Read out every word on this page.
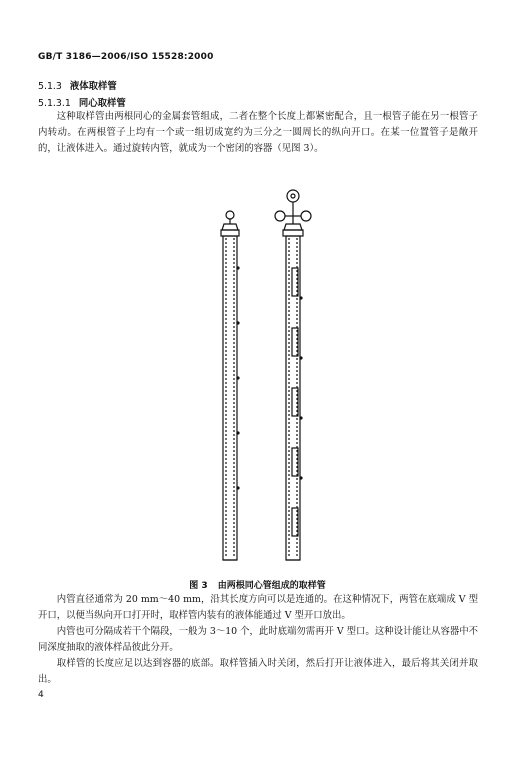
GB/T 3186—2006/ISO 15528:2000
5.1.3 液体取样管
5.1.3.1 同心取样管

这种取样管由两根同心的金属套管组成，二者在整个长度上都紧密配合，且一根管子能在另一根管子内转动。在两根管子上均有一个或一组切成宽约为三分之一圆周长的纵向开口。在某一位置管子是敞开的，让液体进入。通过旋转内管，就成为一个密闭的容器（见图 3）。

图 3 由两根同心管组成的取样管

内管直径通常为 20 mm～40 mm，沿其长度方向可以是连通的。在这种情况下，两管在底端成 V 型开口，以便当纵向开口打开时，取样管内装有的液体能通过 V 型开口放出。

内管也可分隔成若干个隔段，一般为 3～10 个，此时底端勿需再开 V 型口。这种设计能让从容器中不同深度抽取的液体样品彼此分开。

取样管的长度应足以达到容器的底部。取样管插入时关闭，然后打开让液体进入，最后将其关闭并取出。

4
